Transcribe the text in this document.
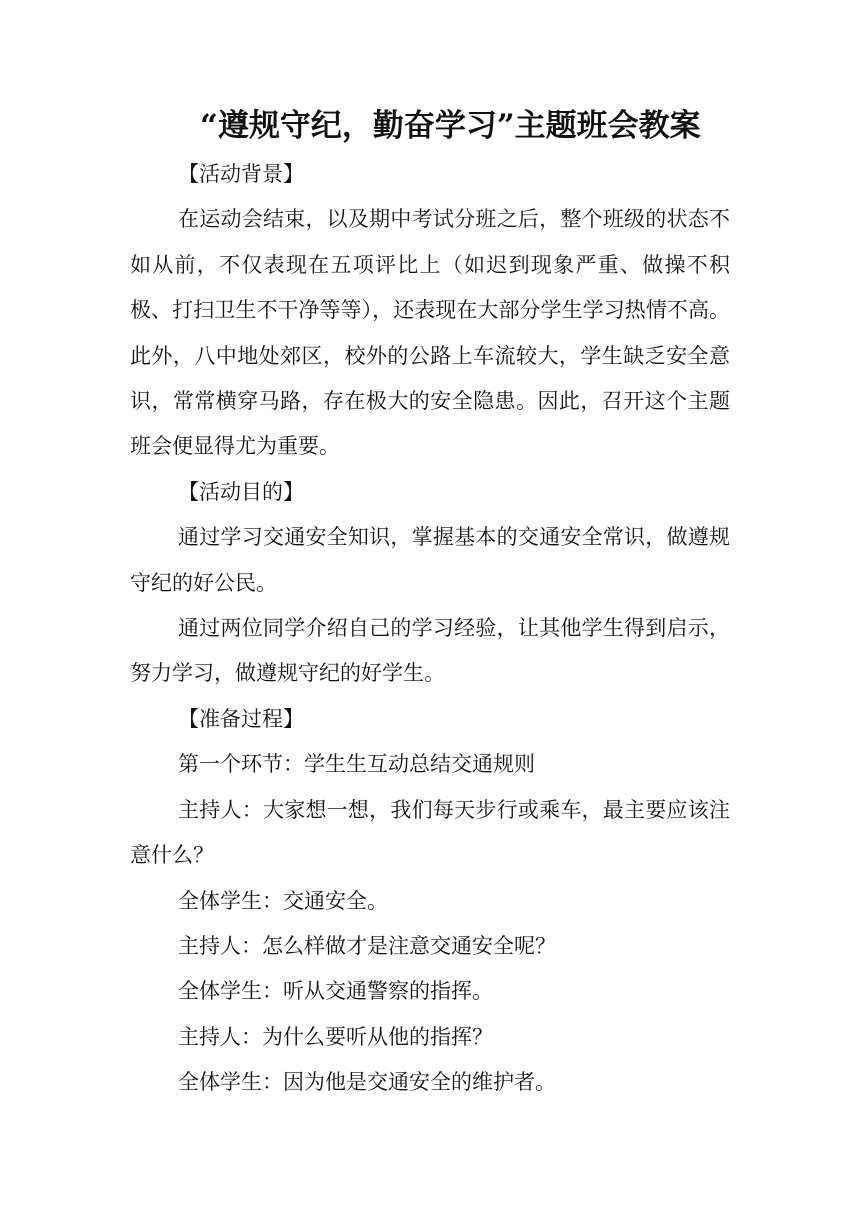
“遵规守纪，勤奋学习”主题班会教案

【活动背景】

在运动会结束，以及期中考试分班之后，整个班级的状态不如从前，不仅表现在五项评比上（如迟到现象严重、做操不积极、打扫卫生不干净等等），还表现在大部分学生学习热情不高。此外，八中地处郊区，校外的公路上车流较大，学生缺乏安全意识，常常横穿马路，存在极大的安全隐患。因此，召开这个主题班会便显得尤为重要。

【活动目的】

通过学习交通安全知识，掌握基本的交通安全常识，做遵规守纪的好公民。

通过两位同学介绍自己的学习经验，让其他学生得到启示，努力学习，做遵规守纪的好学生。

【准备过程】

第一个环节：学生生互动总结交通规则

主持人：大家想一想，我们每天步行或乘车，最主要应该注意什么？

全体学生：交通安全。

主持人：怎么样做才是注意交通安全呢？

全体学生：听从交通警察的指挥。

主持人：为什么要听从他的指挥？

全体学生：因为他是交通安全的维护者。
